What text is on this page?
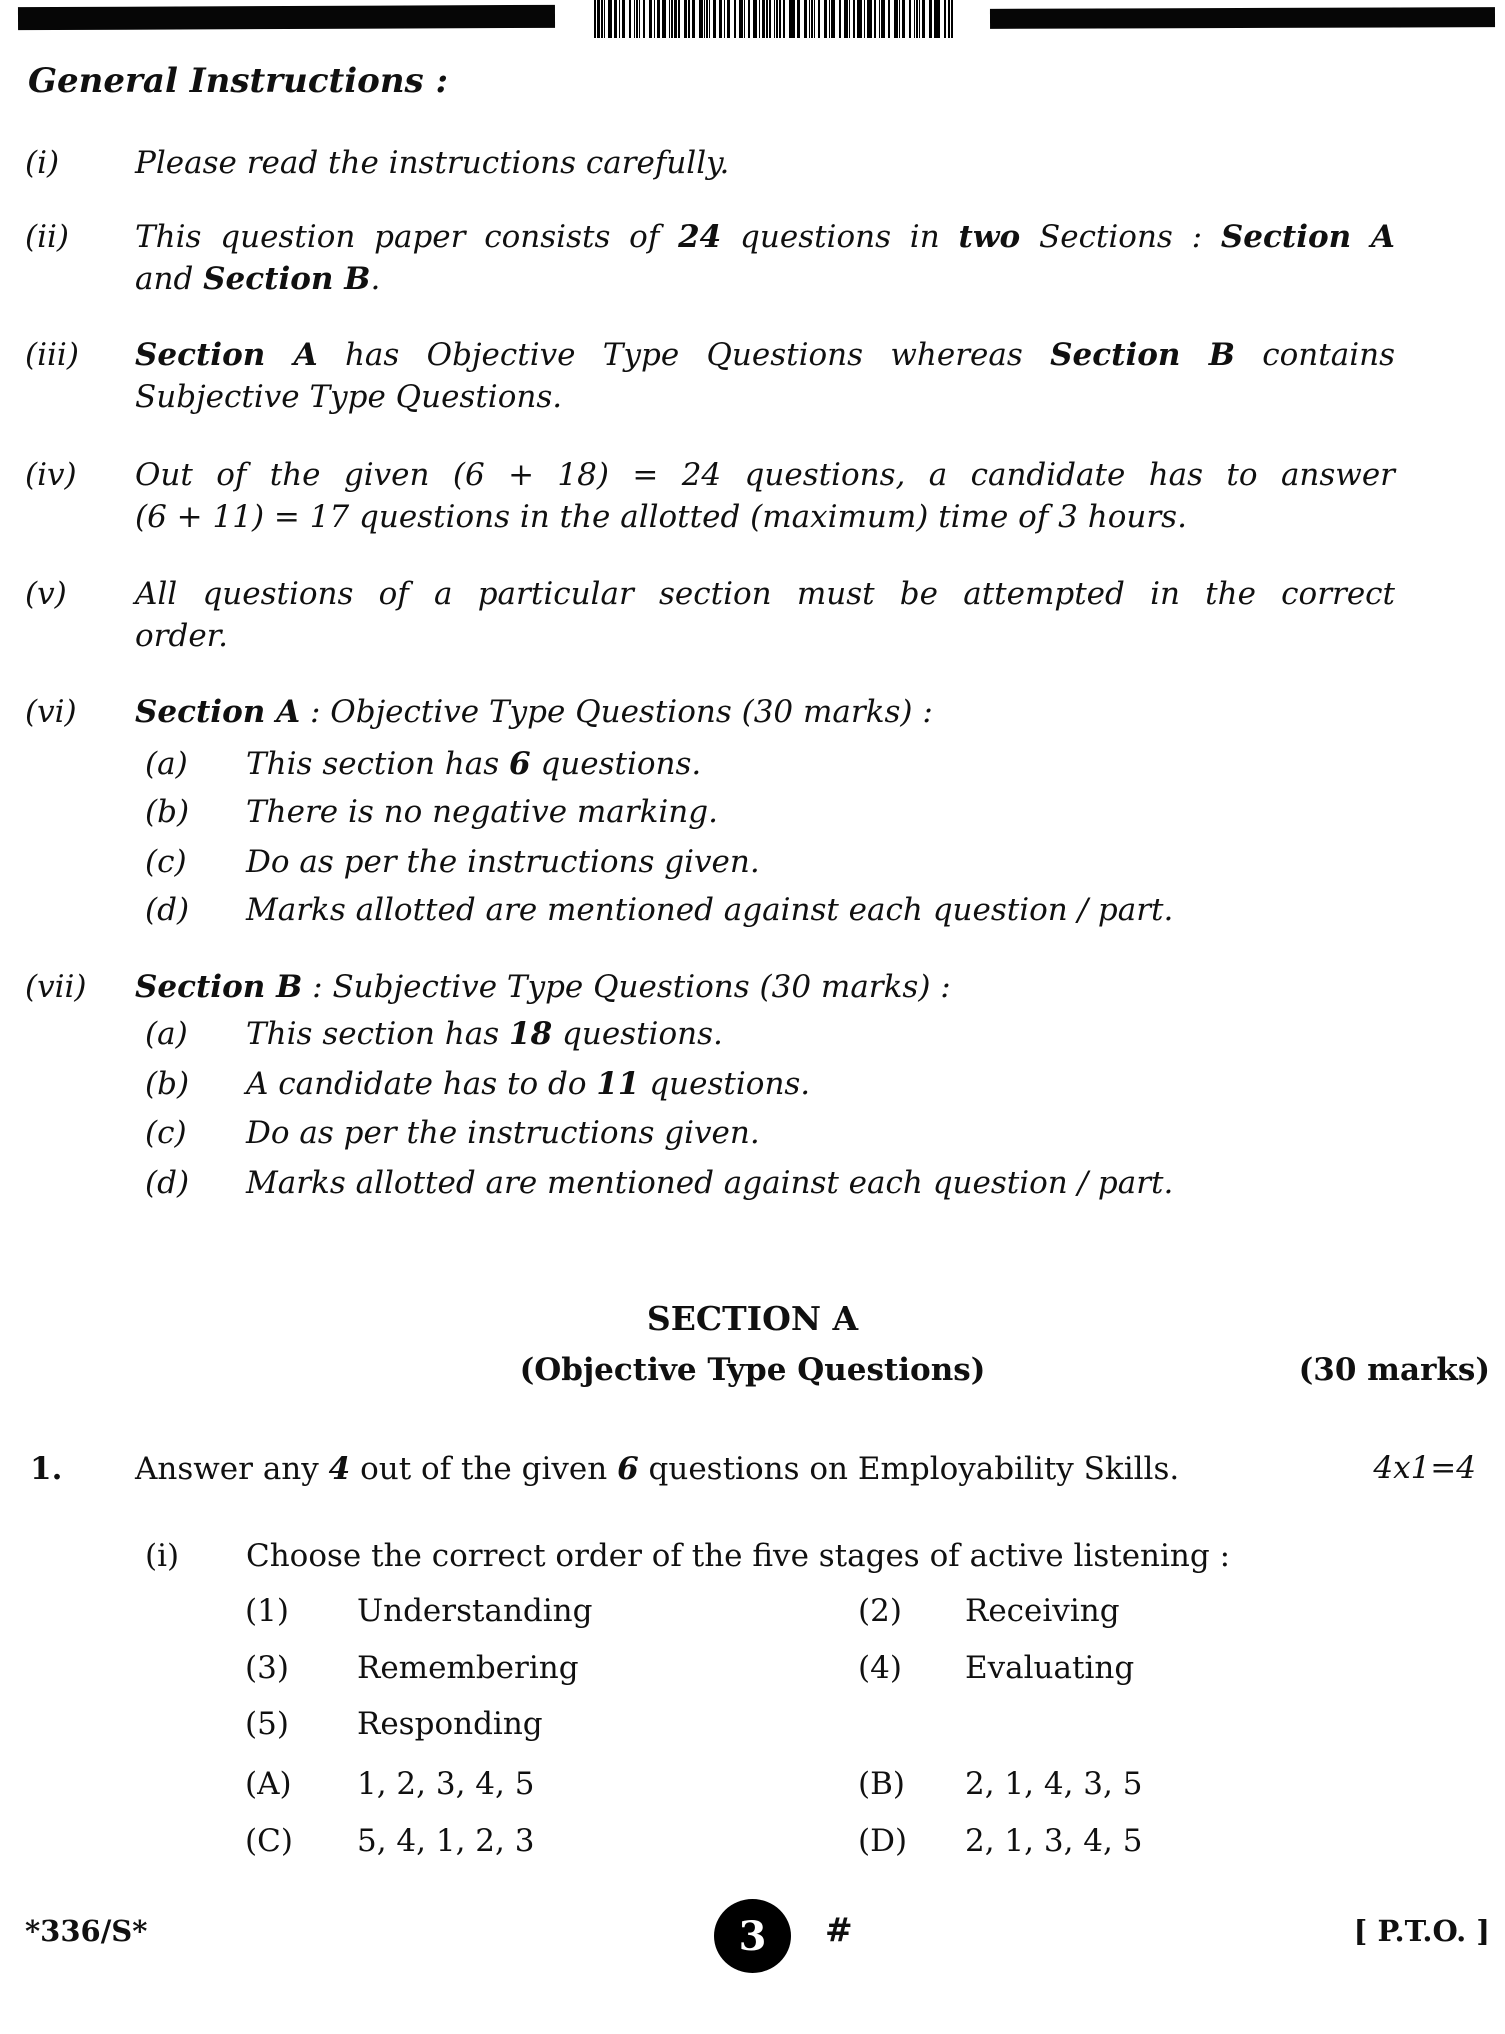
General Instructions :
(i) Please read the instructions carefully.
(ii) This question paper consists of 24 questions in two Sections : Section A
and Section B.
(iii) Section A has Objective Type Questions whereas Section B contains
Subjective Type Questions.
(iv) Out of the given (6 + 18) = 24 questions, a candidate has to answer
(6 + 11) = 17 questions in the allotted (maximum) time of 3 hours.
(v) All questions of a particular section must be attempted in the correct
order.
(vi) Section A : Objective Type Questions (30 marks) :
(a) This section has 6 questions.
(b) There is no negative marking.
(c) Do as per the instructions given.
(d) Marks allotted are mentioned against each question / part.
(vii) Section B : Subjective Type Questions (30 marks) :
(a) This section has 18 questions.
(b) A candidate has to do 11 questions.
(c) Do as per the instructions given.
(d) Marks allotted are mentioned against each question / part.
SECTION A
(Objective Type Questions)	(30 marks)
1. Answer any 4 out of the given 6 questions on Employability Skills.	4x1=4
(i) Choose the correct order of the five stages of active listening :
(1) Understanding	(2) Receiving
(3) Remembering	(4) Evaluating
(5) Responding
(A) 1, 2, 3, 4, 5	(B) 2, 1, 4, 3, 5
(C) 5, 4, 1, 2, 3	(D) 2, 1, 3, 4, 5
*336/S*	3 #	[ P.T.O. ]
